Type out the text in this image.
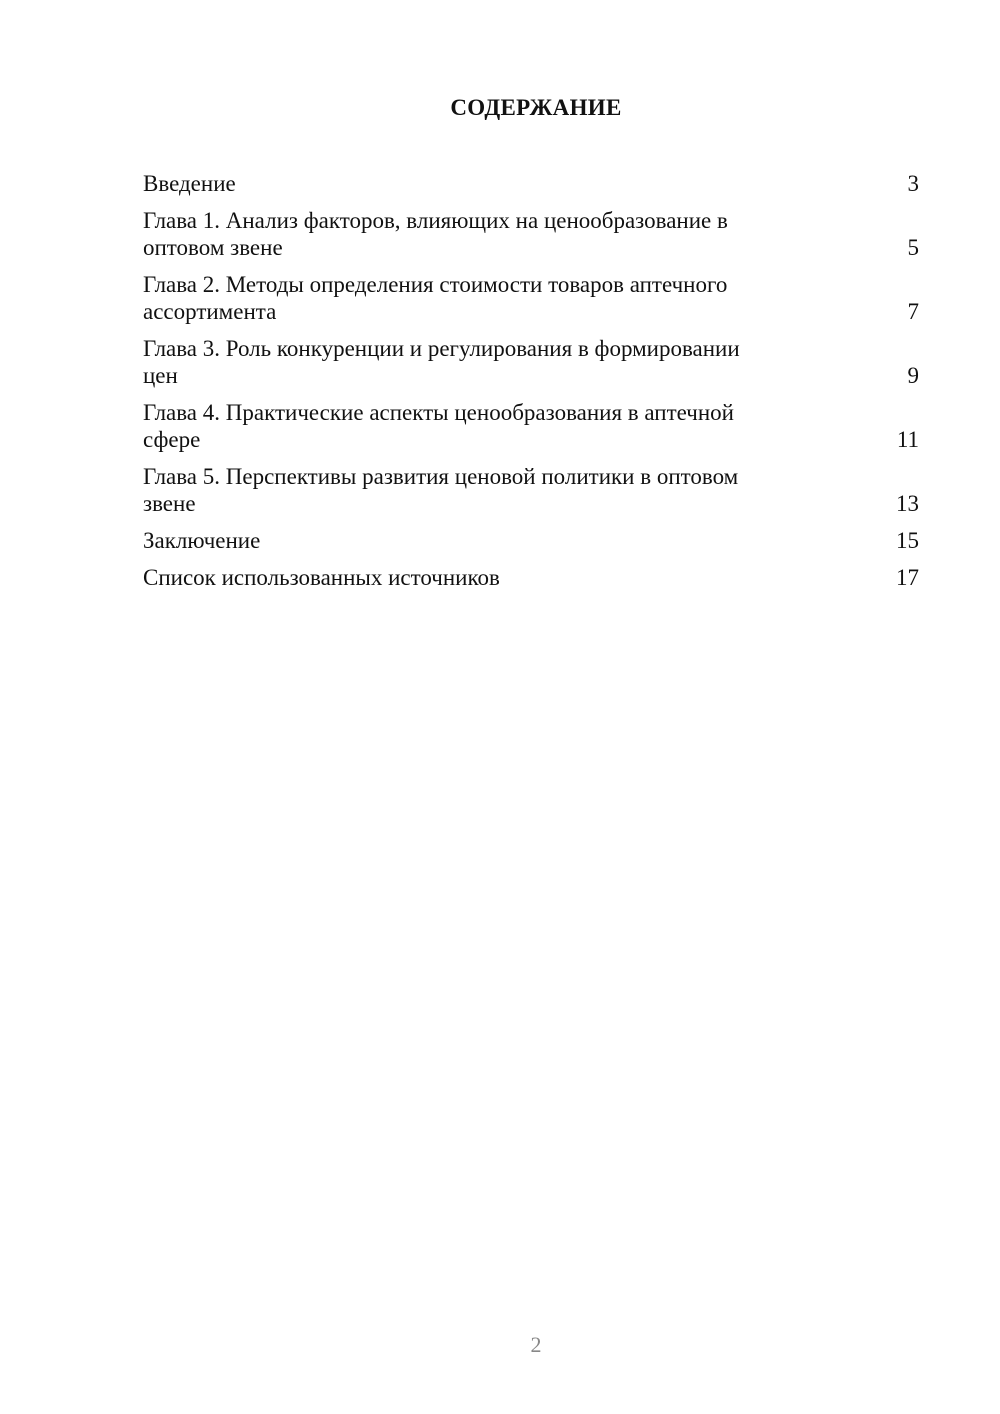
СОДЕРЖАНИЕ
Введение	3
Глава 1. Анализ факторов, влияющих на ценообразование в
оптовом звене	5
Глава 2. Методы определения стоимости товаров аптечного
ассортимента	7
Глава 3. Роль конкуренции и регулирования в формировании
цен	9
Глава 4. Практические аспекты ценообразования в аптечной
сфере	11
Глава 5. Перспективы развития ценовой политики в оптовом
звене	13
Заключение	15
Список использованных источников	17
2
